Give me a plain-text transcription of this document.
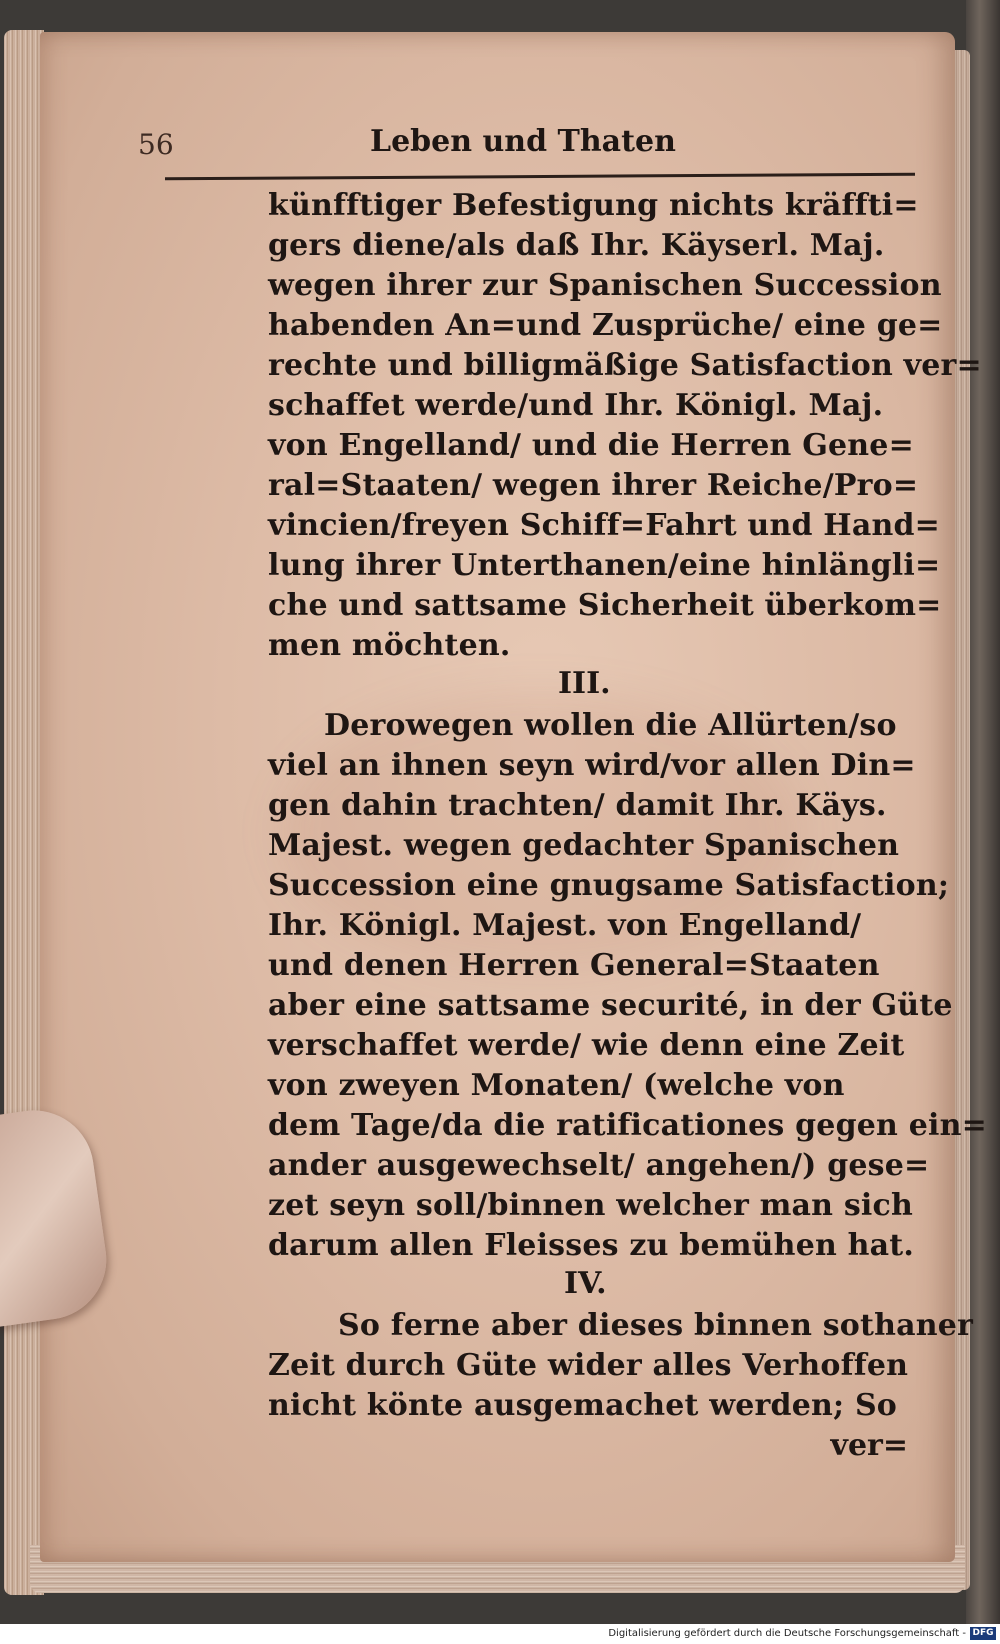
56	Leben und Thaten
künfftiger Befestigung nichts kräffti=
gers diene/als daß Ihr. Käyserl. Maj.
wegen ihrer zur Spanischen Succession
habenden An=und Zusprüche/ eine ge=
rechte und billigmäßige Satisfaction ver=
schaffet werde/und Ihr. Königl. Maj.
von Engelland/ und die Herren Gene=
ral=Staaten/ wegen ihrer Reiche/Pro=
vincien/freyen Schiff=Fahrt und Hand=
lung ihrer Unterthanen/eine hinlängli=
che und sattsame Sicherheit überkom=
men möchten.
III.
Derowegen wollen die Allürten/so
viel an ihnen seyn wird/vor allen Din=
gen dahin trachten/ damit Ihr. Käys.
Majest. wegen gedachter Spanischen
Succession eine gnugsame Satisfaction;
Ihr. Königl. Majest. von Engelland/
und denen Herren General=Staaten
aber eine sattsame securité, in der Güte
verschaffet werde/ wie denn eine Zeit
von zweyen Monaten/ (welche von
dem Tage/da die ratificationes gegen ein=
ander ausgewechselt/ angehen/) gese=
zet seyn soll/binnen welcher man sich
darum allen Fleisses zu bemühen hat.
IV.
So ferne aber dieses binnen sothaner
Zeit durch Güte wider alles Verhoffen
nicht könte ausgemachet werden; So
ver=
Digitalisierung gefördert durch die Deutsche Forschungsgemeinschaft - DFG
